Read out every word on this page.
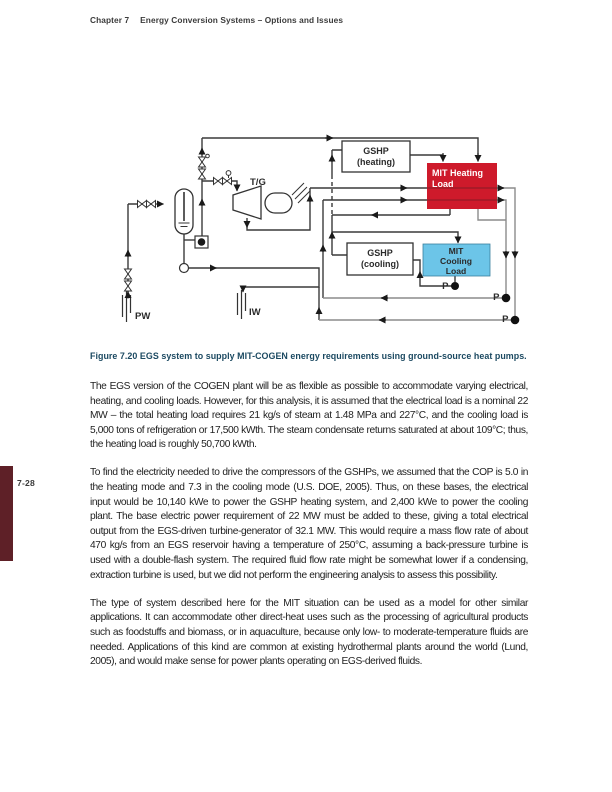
Chapter 7 Energy Conversion Systems – Options and Issues
GSHP
(heating)
MIT Heating
Load
GSHP
(cooling)
MIT
Cooling
Load
T/G
PW	IW
P
P
P
Figure 7.20 EGS system to supply MIT-COGEN energy requirements using ground-source heat pumps.

The EGS version of the COGEN plant will be as flexible as possible to accommodate varying electrical, heating, and cooling loads. However, for this analysis, it is assumed that the electrical load is a nominal 22 MW – the total heating load requires 21 kg/s of steam at 1.48 MPa and 227°C, and the cooling load is 5,000 tons of refrigeration or 17,500 kWth. The steam condensate returns saturated at about 109°C; thus, the heating load is roughly 50,700 kWth.

To find the electricity needed to drive the compressors of the GSHPs, we assumed that the COP is 5.0 in the heating mode and 7.3 in the cooling mode (U.S. DOE, 2005). Thus, on these bases, the electrical input would be 10,140 kWe to power the GSHP heating system, and 2,400 kWe to power the cooling plant. The base electric power requirement of 22 MW must be added to these, giving a total electrical output from the EGS-driven turbine-generator of 32.1 MW. This would require a mass flow rate of about 470 kg/s from an EGS reservoir having a temperature of 250°C, assuming a back-pressure turbine is used with a double-flash system. The required fluid flow rate might be somewhat lower if a condensing, extraction turbine is used, but we did not perform the engineering analysis to assess this possibility.

The type of system described here for the MIT situation can be used as a model for other similar applications. It can accommodate other direct-heat uses such as the processing of agricultural products such as foodstuffs and biomass, or in aquaculture, because only low- to moderate-temperature fluids are needed. Applications of this kind are common at existing hydrothermal plants around the world (Lund, 2005), and would make sense for power plants operating on EGS-derived fluids.

7-28
